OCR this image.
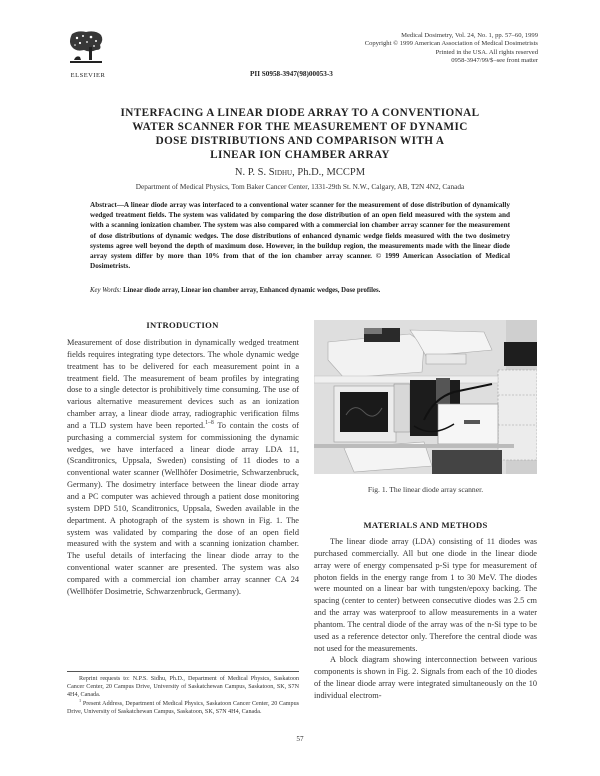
ELSEVIER
Medical Dosimetry, Vol. 24, No. 1, pp. 57–60, 1999
Copyright © 1999 American Association of Medical Dosimetrists
Printed in the USA. All rights reserved
0958-3947/99/$–see front matter
PII S0958-3947(98)00053-3
INTERFACING A LINEAR DIODE ARRAY TO A CONVENTIONAL
WATER SCANNER FOR THE MEASUREMENT OF DYNAMIC
DOSE DISTRIBUTIONS AND COMPARISON WITH A
LINEAR ION CHAMBER ARRAY
N. P. S. Sidhu, Ph.D., MCCPM
Department of Medical Physics, Tom Baker Cancer Center, 1331-29th St. N.W., Calgary, AB, T2N 4N2, Canada
Abstract—A linear diode array was interfaced to a conventional water scanner for the measurement of dose distribution of dynamically wedged treatment fields. The system was validated by comparing the dose distribution of an open field measured with the system and with a scanning ionization chamber. The system was also compared with a commercial ion chamber array scanner for the measurement of dose distributions of dynamic wedges. The dose distributions of enhanced dynamic wedge fields measured with the two dosimetry systems agree well beyond the depth of maximum dose. However, in the buildup region, the measurements made with the linear diode array system differ by more than 10% from that of the ion chamber array scanner. © 1999 American Association of Medical Dosimetrists.
Key Words: Linear diode array, Linear ion chamber array, Enhanced dynamic wedges, Dose profiles.
INTRODUCTION

Measurement of dose distribution in dynamically wedged treatment fields requires integrating type detectors. The whole dynamic wedge treatment has to be delivered for each measurement point in a treatment field. The measurement of beam profiles by integrating dose to a single detector is prohibitively time consuming. The use of various alternative measurement devices such as an ionization chamber array, a linear diode array, radiographic verification films and a TLD system have been reported.$^{1-8}$ To contain the costs of purchasing a commercial system for commissioning the dynamic wedges, we have interfaced a linear diode array LDA 11, (Scanditronics, Uppsala, Sweden) consisting of 11 diodes to a conventional water scanner (Wellhöfer Dosimetrie, Schwarzenbruck, Germany). The dosimetry interface between the linear diode array and a PC computer was achieved through a patient dose monitoring system DPD 510, Scanditronics, Uppsala, Sweden available in the department. A photograph of the system is shown in Fig. 1. The system was validated by comparing the dose of an open field measured with the system and with a scanning ionization chamber. The useful details of interfacing the linear diode array to the conventional water scanner are presented. The system was also compared with a commercial ion chamber array scanner CA 24 (Wellhöfer Dosimetrie, Schwarzenbruck, Germany).

Fig. 1. The linear diode array scanner.
MATERIALS AND METHODS

The linear diode array (LDA) consisting of 11 diodes was purchased commercially. All but one diode in the linear diode array were of energy compensated p-Si type for measurement of photon fields in the energy range from 1 to 30 MeV. The diodes were mounted on a linear bar with tungsten/epoxy backing. The spacing (center to center) between consecutive diodes was 2.5 cm and the array was waterproof to allow measurements in a water phantom. The central diode of the array was of the n-Si type to be used as a reference detector only. Therefore the central diode was not used for the measurements.

A block diagram showing interconnection between various components is shown in Fig. 2. Signals from each of the 10 diodes of the linear diode array were integrated simultaneously on the 10 individual electrom-

Reprint requests to: N.P.S. Sidhu, Ph.D., Department of Medical Physics, Saskatoon Cancer Center, 20 Campus Drive, University of Saskatchewan Campus, Saskatoon, SK, S7N 4H4, Canada.

$^1$ Present Address, Department of Medical Physics, Saskatoon Cancer Center, 20 Campus Drive, University of Saskatchewan Campus, Saskatoon, SK, S7N 4H4, Canada.

57
